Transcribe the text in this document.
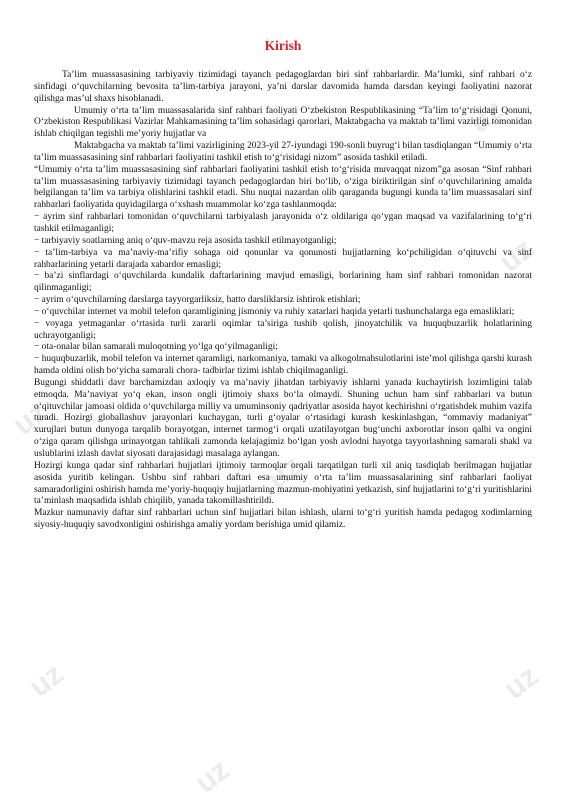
uz
uz
uz
uz
uz
uz
uz
Kirish

Ta’lim muassasasining tarbiyaviy tizimidagi tayanch pedagoglardan biri sinf rahbarlardir. Ma’lumki, sinf rahbari o‘z sinfidagi o‘quvchilarning bevosita ta’lim-tarbiya jarayoni, ya’ni darslar davomida hamda darsdan keyingi faoliyatini nazorat qilishga mas’ul shaxs hisoblanadi.

Umumiy o‘rta ta’lim muassasalarida sinf rahbari faoliyati O‘zbekiston Respublikasining “Ta’lim to‘g‘risidagi Qonuni, O‘zbekiston Respublikasi Vazirlar Mahkamasining ta’lim sohasidagi qarorlari, Maktabgacha va maktab ta’limi vazirligi tomonidan ishlab chiqilgan tegishli me’yoriy hujjatlar va

Maktabgacha va maktab ta’limi vazirligining 2023-yil 27-iyundagi 190-sonli buyrug‘i bilan tasdiqlangan “Umumiy o‘rta ta’lim muassasasining sinf rahbarlari faoliyatini tashkil etish to‘g‘risidagi nizom” asosida tashkil etiladi.

“Umumiy o‘rta ta’lim muassasasining sinf rahbarlari faoliyatini tashkil etish to‘g‘risida muvaqqat nizom”ga asosan “Sinf rahbari ta’lim muassasasining tarbiyaviy tizimidagi tayanch pedagoglardan biri bo‘lib, o‘ziga biriktirilgan sinf o‘quvchilarining amalda belgilangan ta’lim va tarbiya olishlarini tashkil etadi. Shu nuqtai nazardan olib qaraganda bugungi kunda ta’lim muassasalari sinf rahbarlari faoliyatida quyidagilarga o‘xshash muammolar ko‘zga tashlanmoqda:

− ayrim sinf rahbarlari tomonidan o‘quvchilarni tarbiyalash jarayonida o‘z oldilariga qo‘ygan maqsad va vazifalarining to‘g‘ri tashkil etilmaganligi;

− tarbiyaviy soatlarning aniq o‘quv-mavzu reja asosida tashkil etilmayotganligi;

− ta’lim-tarbiya va ma’naviy-ma’rifiy sohaga oid qonunlar va qonunosti hujjatlarning ko‘pchiligidan o‘qituvchi va sinf rahbarlarining yetarli darajada xabardor emasligi;

− ba’zi sinflardagi o‘quvchilarda kundalik daftarlarining mavjud emasligi, borlarining ham sinf rahbari tomonidan nazorat qilinmaganligi;

− ayrim o‘quvchilarning darslarga tayyorgarliksiz, hatto darsliklarsiz ishtirok etishlari;

− o‘quvchilar internet va mobil telefon qaramligining jismoniy va ruhiy xatarlari haqida yetarli tushunchalarga ega emasliklari;

− voyaga yetmaganlar o‘rtasida turli zararli oqimlar ta’siriga tushib qolish, jinoyatchilik va huquqbuzarlik holatlarining uchrayotganligi;

− ota-onalar bilan samarali muloqotning yo‘lga qo‘yilmaganligi;

− huquqbuzarlik, mobil telefon va internet qaramligi, narkomaniya, tamaki va alkogolmahsulotlarini iste’mol qilishga qarshi kurash hamda oldini olish bo‘yicha samarali chora- tadbirlar tizimi ishlab chiqilmaganligi.

Bugungi shiddatli davr barchamizdan axloqiy va ma’naviy jihatdan tarbiyaviy ishlarni yanada kuchaytirish lozimligini talab etmoqda. Ma’naviyat yo‘q ekan, inson ongli ijtimoiy shaxs bo‘la olmaydi. Shuning uchun ham sinf rahbarlari va butun o‘qituvchilar jamoasi oldida o‘quvchilarga milliy va umuminsoniy qadriyatlar asosida hayot kechirishni o‘rgatishdek muhim vazifa turadi. Hozirgi globallashuv jarayonlari kuchaygan, turli g‘oyalar o‘rtasidagi kurash keskinlashgan, “ommaviy madaniyat” xurujlari butun dunyoga tarqalib borayotgan, internet tarmog‘i orqali uzatilayotgan bugʻunchi axborotlar inson qalbi va ongini o‘ziga qaram qilishga urinayotgan tahlikali zamonda kelajagimiz bo‘lgan yosh avlodni hayotga tayyorlashning samarali shakl va uslublarini izlash davlat siyosati darajasidagi masalaga aylangan.

Hozirgi kunga qadar sinf rahbarlari hujjatlari ijtimoiy tarmoqlar orqali tarqatilgan turli xil aniq tasdiqlab berilmagan hujjatlar asosida yuritib kelingan. Ushbu sinf rahbari daftari esa umumiy o‘rta ta’lim muassasalarining sinf rahbarlari faoliyat samaradorligini oshirish hamda me’yoriy-huquqiy hujjatlarning mazmun-mohiyatini yetkazish, sinf hujjatlarini to‘g‘ri yuritishlarini ta’minlash maqsadida ishlab chiqilib, yanada takomillashtirildi.

Mazkur namunaviy daftar sinf rahbarlari uchun sinf hujjatlari bilan ishlash, ularni to‘g‘ri yuritish hamda pedagog xodimlarning siyosiy-huquqiy savodxonligini oshirishga amaliy yordam berishiga umid qilamiz.
